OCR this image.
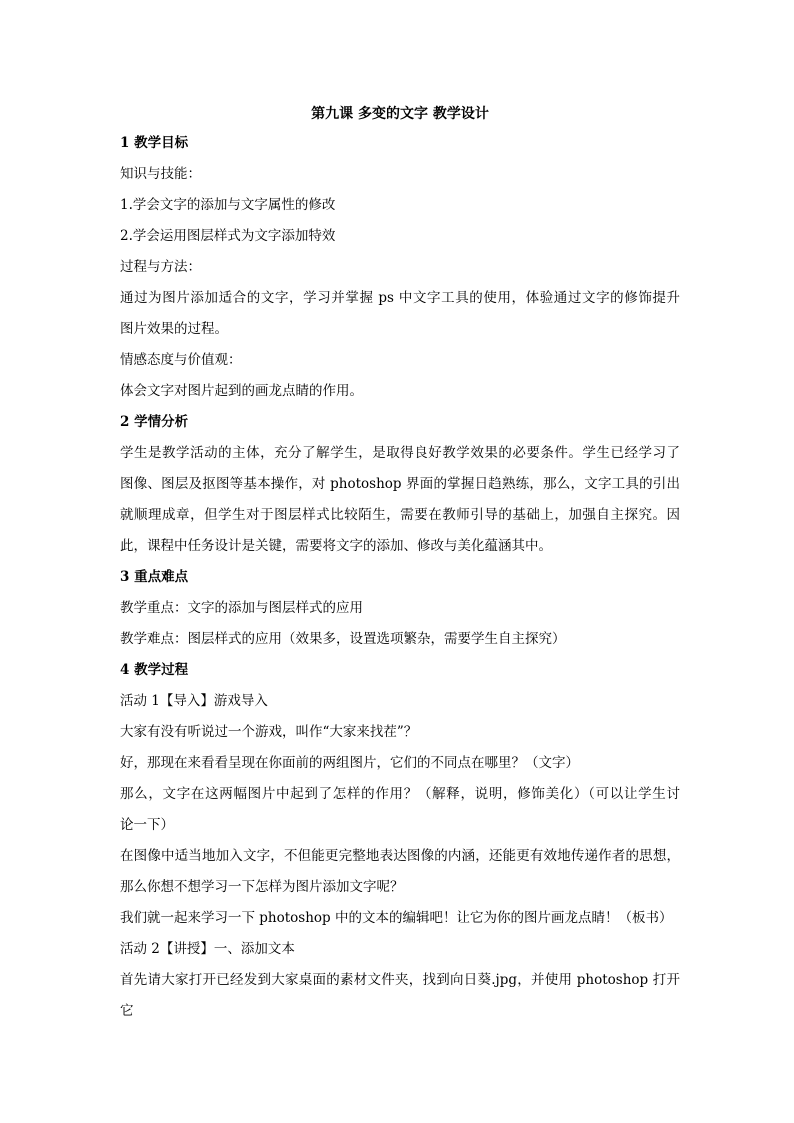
第九课 多变的文字 教学设计
1 教学目标
知识与技能：
1.学会文字的添加与文字属性的修改
2.学会运用图层样式为文字添加特效
过程与方法：
通过为图片添加适合的文字，学习并掌握 ps 中文字工具的使用，体验通过文字的修饰提升
图片效果的过程。
情感态度与价值观：
体会文字对图片起到的画龙点睛的作用。
2 学情分析
学生是教学活动的主体，充分了解学生，是取得良好教学效果的必要条件。学生已经学习了
图像、图层及抠图等基本操作，对 photoshop 界面的掌握日趋熟练，那么，文字工具的引出
就顺理成章，但学生对于图层样式比较陌生，需要在教师引导的基础上，加强自主探究。因
此，课程中任务设计是关键，需要将文字的添加、修改与美化蕴涵其中。
3 重点难点
教学重点：文字的添加与图层样式的应用
教学难点：图层样式的应用（效果多，设置选项繁杂，需要学生自主探究）
4 教学过程
活动 1【导入】游戏导入
大家有没有听说过一个游戏，叫作“大家来找茬”？
好，那现在来看看呈现在你面前的两组图片，它们的不同点在哪里？（文字）
那么，文字在这两幅图片中起到了怎样的作用？（解释，说明，修饰美化）（可以让学生讨
论一下）
在图像中适当地加入文字，不但能更完整地表达图像的内涵，还能更有效地传递作者的思想，
那么你想不想学习一下怎样为图片添加文字呢？
我们就一起来学习一下 photoshop 中的文本的编辑吧！让它为你的图片画龙点睛！（板书）
活动 2【讲授】一、添加文本
首先请大家打开已经发到大家桌面的素材文件夹，找到向日葵.jpg，并使用 photoshop 打开
它
